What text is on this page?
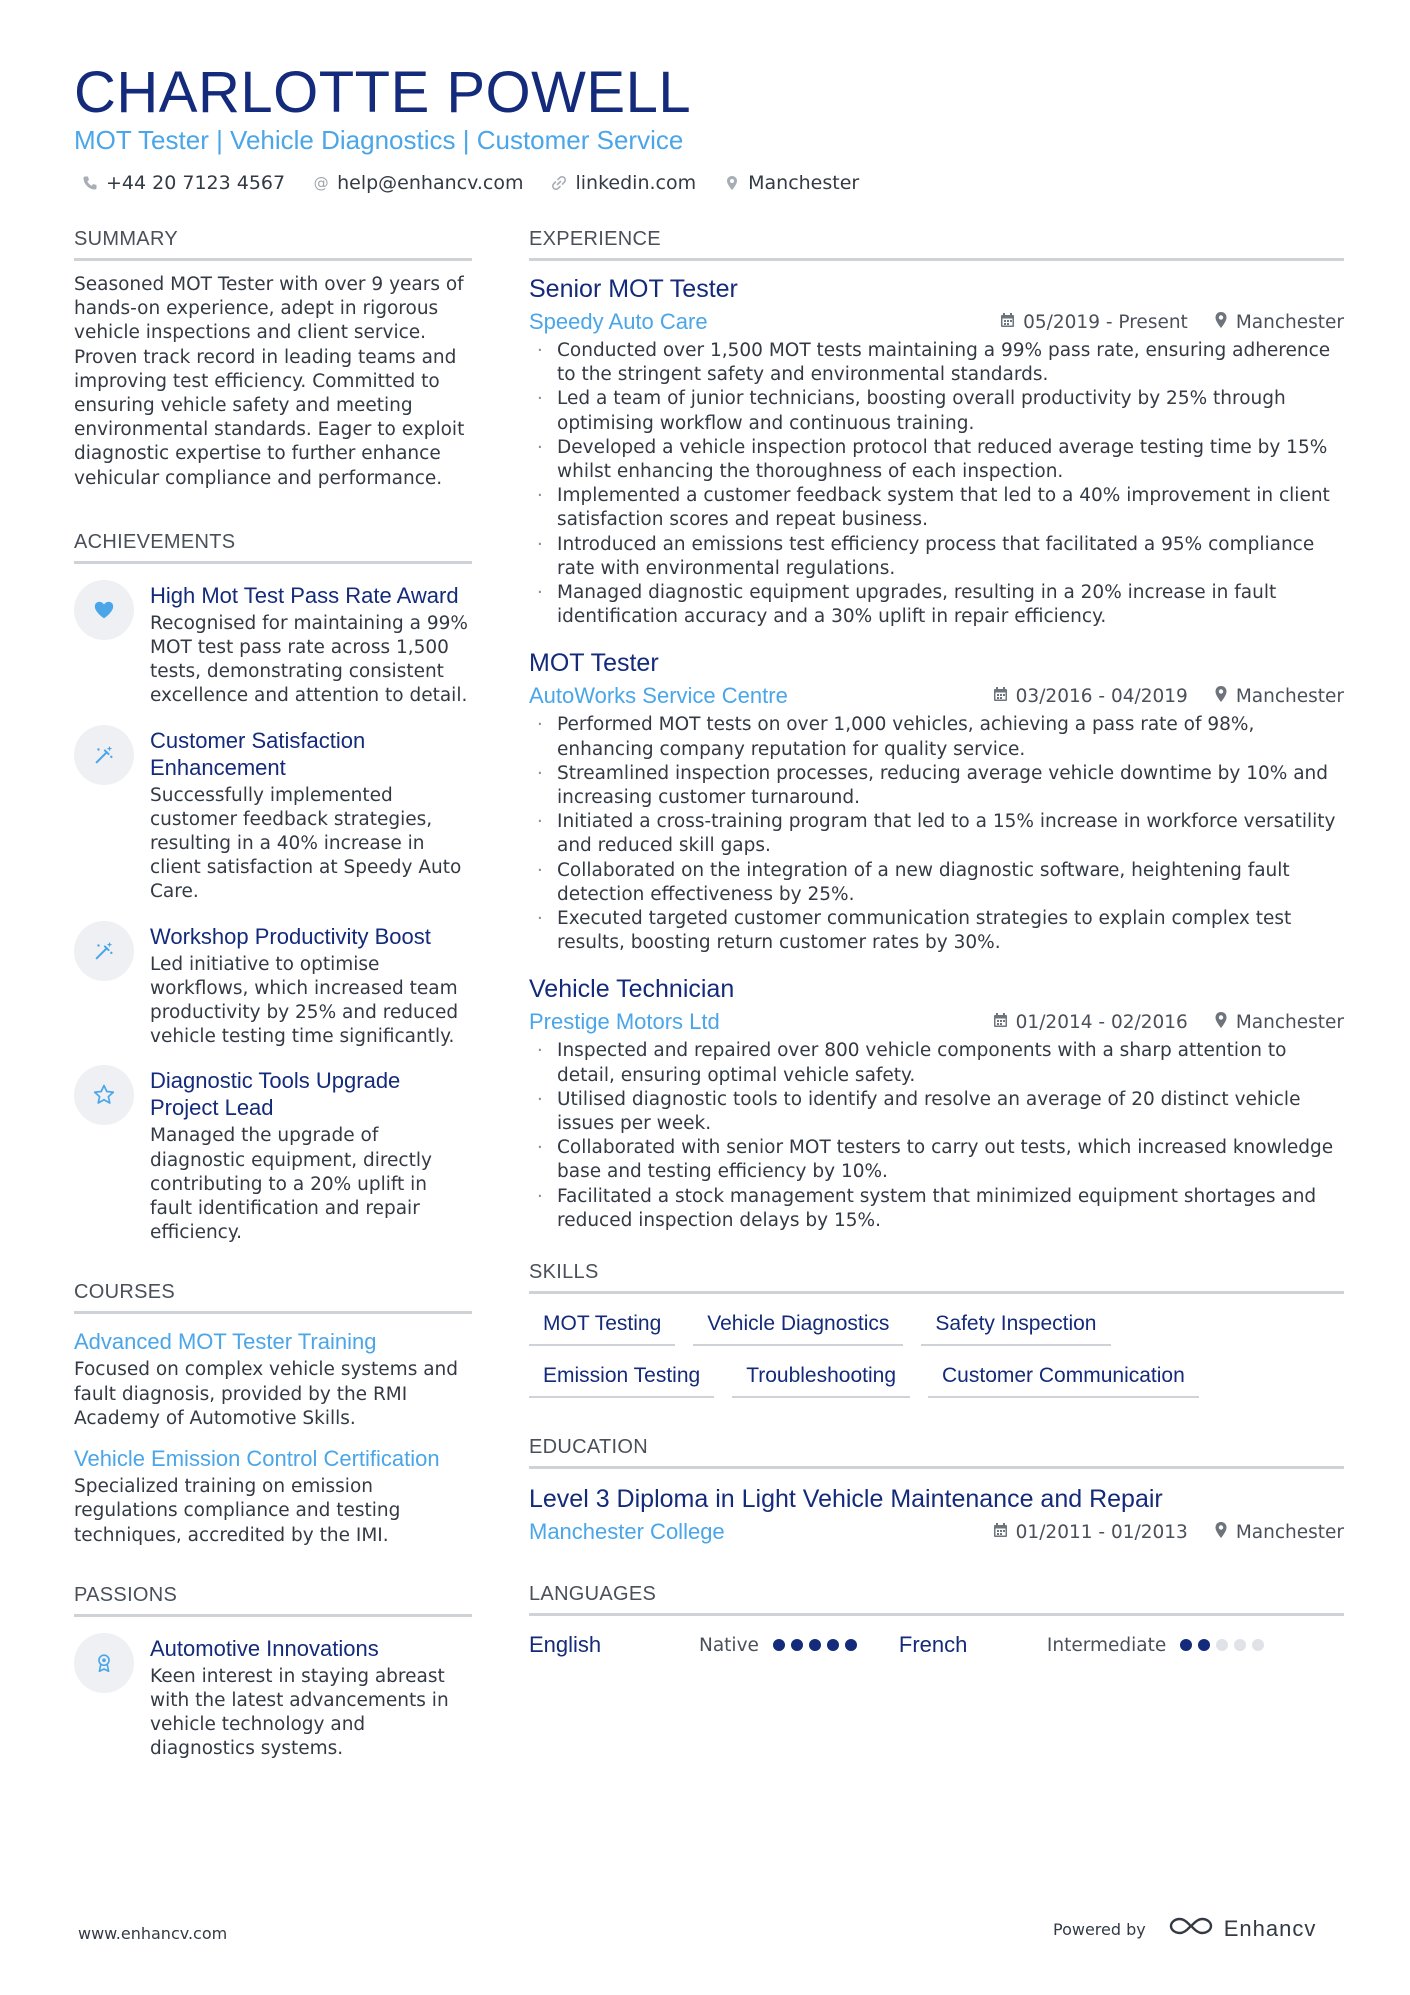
CHARLOTTE POWELL
MOT Tester | Vehicle Diagnostics | Customer Service
+44 20 7123 4567 @ help@enhancv.com	linkedin.com	Manchester
SUMMARY
Seasoned MOT Tester with over 9 years of hands-on experience, adept in rigorous vehicle inspections and client service. Proven track record in leading teams and improving test efficiency. Committed to ensuring vehicle safety and meeting environmental standards. Eager to exploit diagnostic expertise to further enhance vehicular compliance and performance.
ACHIEVEMENTS
High Mot Test Pass Rate Award
Recognised for maintaining a 99% MOT test pass rate across 1,500 tests, demonstrating consistent excellence and attention to detail.
Customer Satisfaction Enhancement
Successfully implemented customer feedback strategies, resulting in a 40% increase in client satisfaction at Speedy Auto Care.
Workshop Productivity Boost
Led initiative to optimise workflows, which increased team productivity by 25% and reduced vehicle testing time significantly.
Diagnostic Tools Upgrade Project Lead
Managed the upgrade of diagnostic equipment, directly contributing to a 20% uplift in fault identification and repair efficiency.
COURSES
Advanced MOT Tester Training
Focused on complex vehicle systems and fault diagnosis, provided by the RMI Academy of Automotive Skills.
Vehicle Emission Control Certification
Specialized training on emission regulations compliance and testing techniques, accredited by the IMI.
PASSIONS
Automotive Innovations
Keen interest in staying abreast with the latest advancements in vehicle technology and diagnostics systems.
EXPERIENCE
Senior MOT Tester
Speedy Auto Care	05/2019 - Present	Manchester
· Conducted over 1,500 MOT tests maintaining a 99% pass rate, ensuring adherence to the stringent safety and environmental standards.
· Led a team of junior technicians, boosting overall productivity by 25% through optimising workflow and continuous training.
· Developed a vehicle inspection protocol that reduced average testing time by 15% whilst enhancing the thoroughness of each inspection.
· Implemented a customer feedback system that led to a 40% improvement in client satisfaction scores and repeat business.
· Introduced an emissions test efficiency process that facilitated a 95% compliance rate with environmental regulations.
· Managed diagnostic equipment upgrades, resulting in a 20% increase in fault identification accuracy and a 30% uplift in repair efficiency.
MOT Tester
AutoWorks Service Centre	03/2016 - 04/2019	Manchester
· Performed MOT tests on over 1,000 vehicles, achieving a pass rate of 98%, enhancing company reputation for quality service.
· Streamlined inspection processes, reducing average vehicle downtime by 10% and increasing customer turnaround.
· Initiated a cross-training program that led to a 15% increase in workforce versatility and reduced skill gaps.
· Collaborated on the integration of a new diagnostic software, heightening fault detection effectiveness by 25%.
· Executed targeted customer communication strategies to explain complex test results, boosting return customer rates by 30%.
Vehicle Technician
Prestige Motors Ltd	01/2014 - 02/2016	Manchester
· Inspected and repaired over 800 vehicle components with a sharp attention to detail, ensuring optimal vehicle safety.
· Utilised diagnostic tools to identify and resolve an average of 20 distinct vehicle issues per week.
· Collaborated with senior MOT testers to carry out tests, which increased knowledge base and testing efficiency by 10%.
· Facilitated a stock management system that minimized equipment shortages and reduced inspection delays by 15%.
SKILLS
MOT Testing	Vehicle Diagnostics	Safety Inspection
Emission Testing	Troubleshooting	Customer Communication
EDUCATION
Level 3 Diploma in Light Vehicle Maintenance and Repair
Manchester College	01/2011 - 01/2013	Manchester
LANGUAGES
English	Native	French	Intermediate
www.enhancv.com	Powered by	Enhancv
